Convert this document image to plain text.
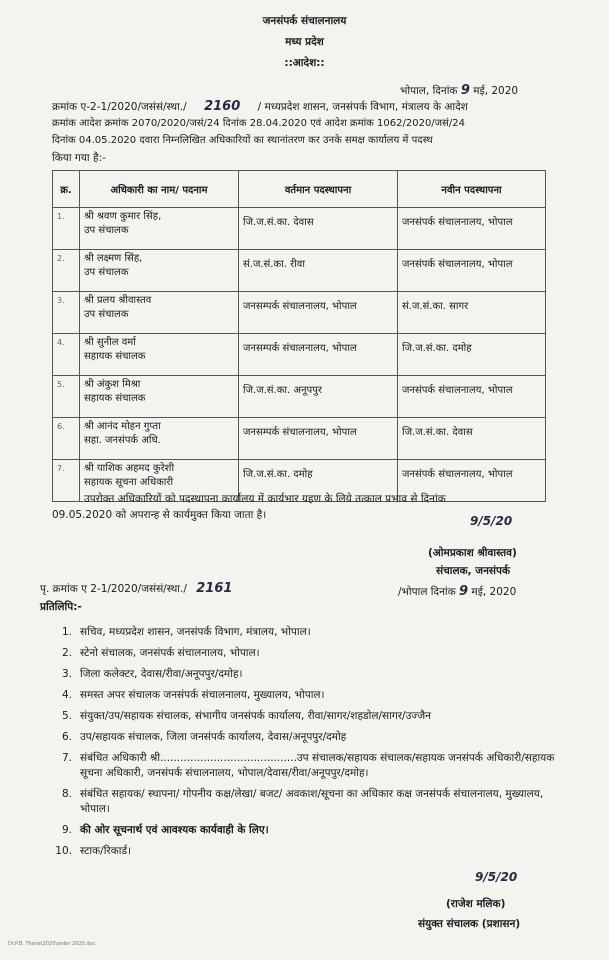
जनसंपर्क संचालनालय
मध्य प्रदेश
::आदेश::
भोपाल, दिनांक 9 मई, 2020
क्रमांक ए-2-1/2020/जसंसं/स्था./ 2160 / मध्यप्रदेश शासन, जनसंपर्क विभाग, मंत्रालय के आदेश
क्रमांक आदेश क्रमांक 2070/2020/जसं/24 दिनांक 28.04.2020 एवं आदेश क्रमांक 1062/2020/जसं/24
दिनांक 04.05.2020 दवारा निम्नलिखित अधिकारियों का स्थानांतरण कर उनके समक्ष कार्यालय में पदस्थ
किया गया है:-
क्र.	अधिकारी का नाम/ पदनाम	वर्तमान पदस्थापना	नवीन पदस्थापना
1.	श्री श्रवण कुमार सिंह,
उप संचालक	जि.ज.सं.का. देवास	जनसंपर्क संचालनालय, भोपाल
2.	श्री लक्ष्मण सिंह,
उप संचालक	सं.ज.सं.का. रीवा	जनसंपर्क संचालनालय, भोपाल
3.	श्री प्रलय श्रीवास्तव
उप संचालक	जनसम्पर्क संचालनालय, भोपाल	सं.ज.सं.का. सागर
4.	श्री सुनील वर्मा
सहायक संचालक	जनसम्पर्क संचालनालय, भोपाल	जि.ज.सं.का. दमोह
5.	श्री अंकुश मिश्रा
सहायक संचालक	जि.ज.सं.का. अनूपपुर	जनसंपर्क संचालनालय, भोपाल
6.	श्री आनंद मोहन गुप्ता
सहा. जनसंपर्क अधि.	जनसम्पर्क संचालनालय, भोपाल	जि.ज.सं.का. देवास
7.	श्री याशिक अहमद कुरेशी
सहायक सूचना अधिकारी	जि.ज.सं.का. दमोह	जनसंपर्क संचालनालय, भोपाल
उपरोक्त अधिकारियों को पदस्थापना कार्यालय में कार्यभार ग्रहण के लिये तत्काल प्रभाव से दिनांक
09.05.2020 को अपरान्ह से कार्यमुक्त किया जाता है।	9/5/20
(ओमप्रकाश श्रीवास्तव)
संचालक, जनसंपर्क
पृ. क्रमांक ए 2-1/2020/जसंसं/स्था./ 2161	/भोपाल दिनांक 9 मई, 2020
प्रतिलिपि:-
1. सचिव, मध्यप्रदेश शासन, जनसंपर्क विभाग, मंत्रालय, भोपाल।
2. स्टेनो संचालक, जनसंपर्क संचालनालय, भोपाल।
3. जिला कलेक्टर, देवास/रीवा/अनूपपुर/दमोह।
4. समस्त अपर संचालक जनसंपर्क संचालनालय, मुख्यालय, भोपाल।
5. संयुक्त/उप/सहायक संचालक, संभागीय जनसंपर्क कार्यालय, रीवा/सागर/शहडोल/सागर/उज्जैन
6. उप/सहायक संचालक, जिला जनसंपर्क कार्यालय, देवास/अनूपपुर/दमोह
7. संबंधित अधिकारी श्री.........................................उप संचालक/सहायक संचालक/सहायक जनसंपर्क अधिकारी/सहायक सूचना अधिकारी, जनसंपर्क संचालनालय, भोपाल/देवास/रीवा/अनूपपुर/दमोह।
8. संबंधित सहायक/ स्थापना/ गोपनीय कक्ष/लेखा/ बजट/ अवकाश/सूचना का अधिकार कक्ष जनसंपर्क संचालनालय, मुख्यालय, भोपाल।
9. की ओर सूचनार्थ एवं आवश्यक कार्यवाही के लिए।
10. स्टाक/रिकार्ड।
9/5/20
(राजेश मलिक)
संयुक्त संचालक (प्रशासन)
Dr.P.B. Thane\2020\order 2020.doc
